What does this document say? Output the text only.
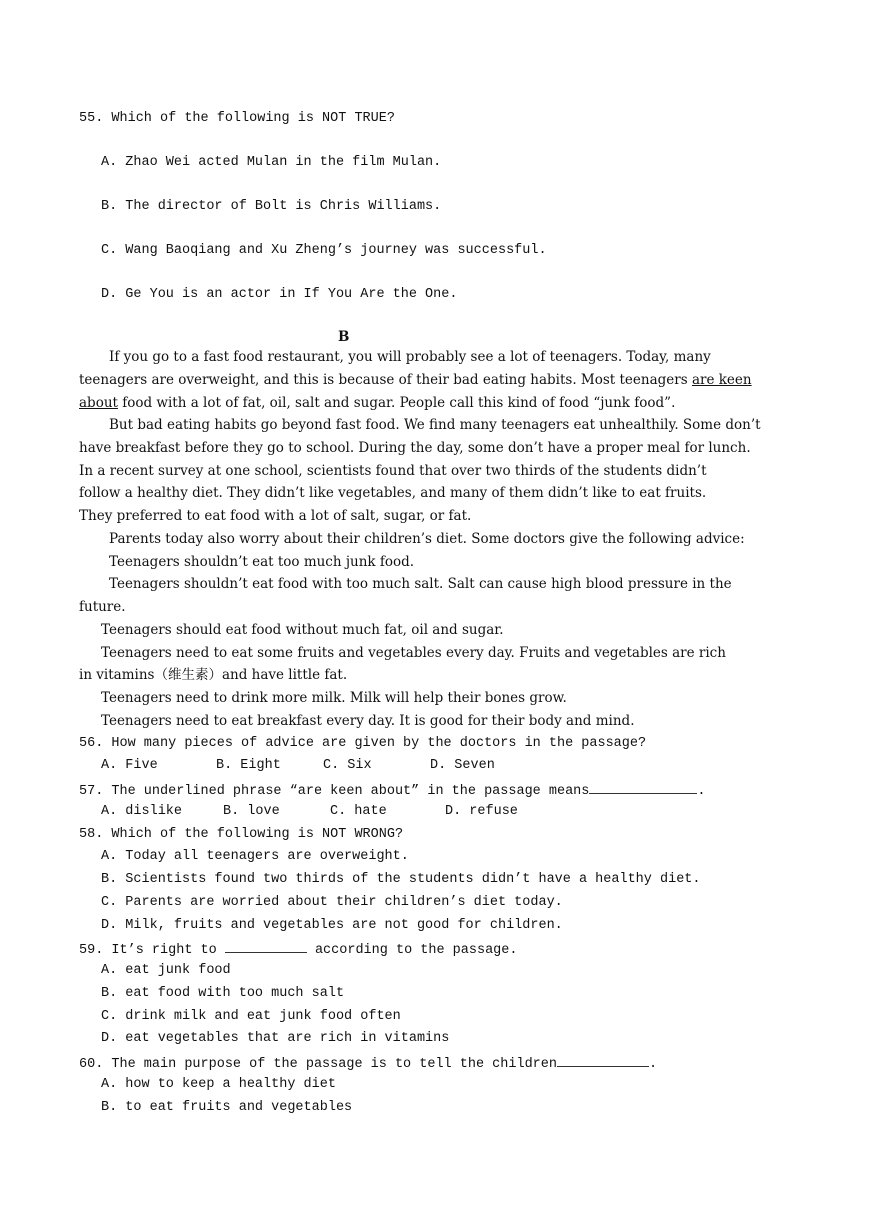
55. Which of the following is NOT TRUE?
A. Zhao Wei acted Mulan in the film Mulan.
B. The director of Bolt is Chris Williams.
C. Wang Baoqiang and Xu Zheng’s journey was successful.
D. Ge You is an actor in If You Are the One.
B
If you go to a fast food restaurant, you will probably see a lot of teenagers. Today, many
teenagers are overweight, and this is because of their bad eating habits. Most teenagers are keen
about food with a lot of fat, oil, salt and sugar. People call this kind of food “junk food”.
But bad eating habits go beyond fast food. We find many teenagers eat unhealthily. Some don’t
have breakfast before they go to school. During the day, some don’t have a proper meal for lunch.
In a recent survey at one school, scientists found that over two thirds of the students didn’t
follow a healthy diet. They didn’t like vegetables, and many of them didn’t like to eat fruits.
They preferred to eat food with a lot of salt, sugar, or fat.
Parents today also worry about their children’s diet. Some doctors give the following advice:
Teenagers shouldn’t eat too much junk food.
Teenagers shouldn’t eat food with too much salt. Salt can cause high blood pressure in the
future.
Teenagers should eat food without much fat, oil and sugar.
Teenagers need to eat some fruits and vegetables every day. Fruits and vegetables are rich
in vitamins（维生素）and have little fat.
Teenagers need to drink more milk. Milk will help their bones grow.
Teenagers need to eat breakfast every day. It is good for their body and mind.
56. How many pieces of advice are given by the doctors in the passage?
A. Five	B. Eight	C. Six	D. Seven
57. The underlined phrase “are keen about” in the passage means	.
A. dislike	B. love	C. hate	D. refuse
58. Which of the following is NOT WRONG?
A. Today all teenagers are overweight.
B. Scientists found two thirds of the students didn’t have a healthy diet.
C. Parents are worried about their children’s diet today.
D. Milk, fruits and vegetables are not good for children.
59. It’s right to	according to the passage.
A. eat junk food
B. eat food with too much salt
C. drink milk and eat junk food often
D. eat vegetables that are rich in vitamins
60. The main purpose of the passage is to tell the children	.
A. how to keep a healthy diet
B. to eat fruits and vegetables
